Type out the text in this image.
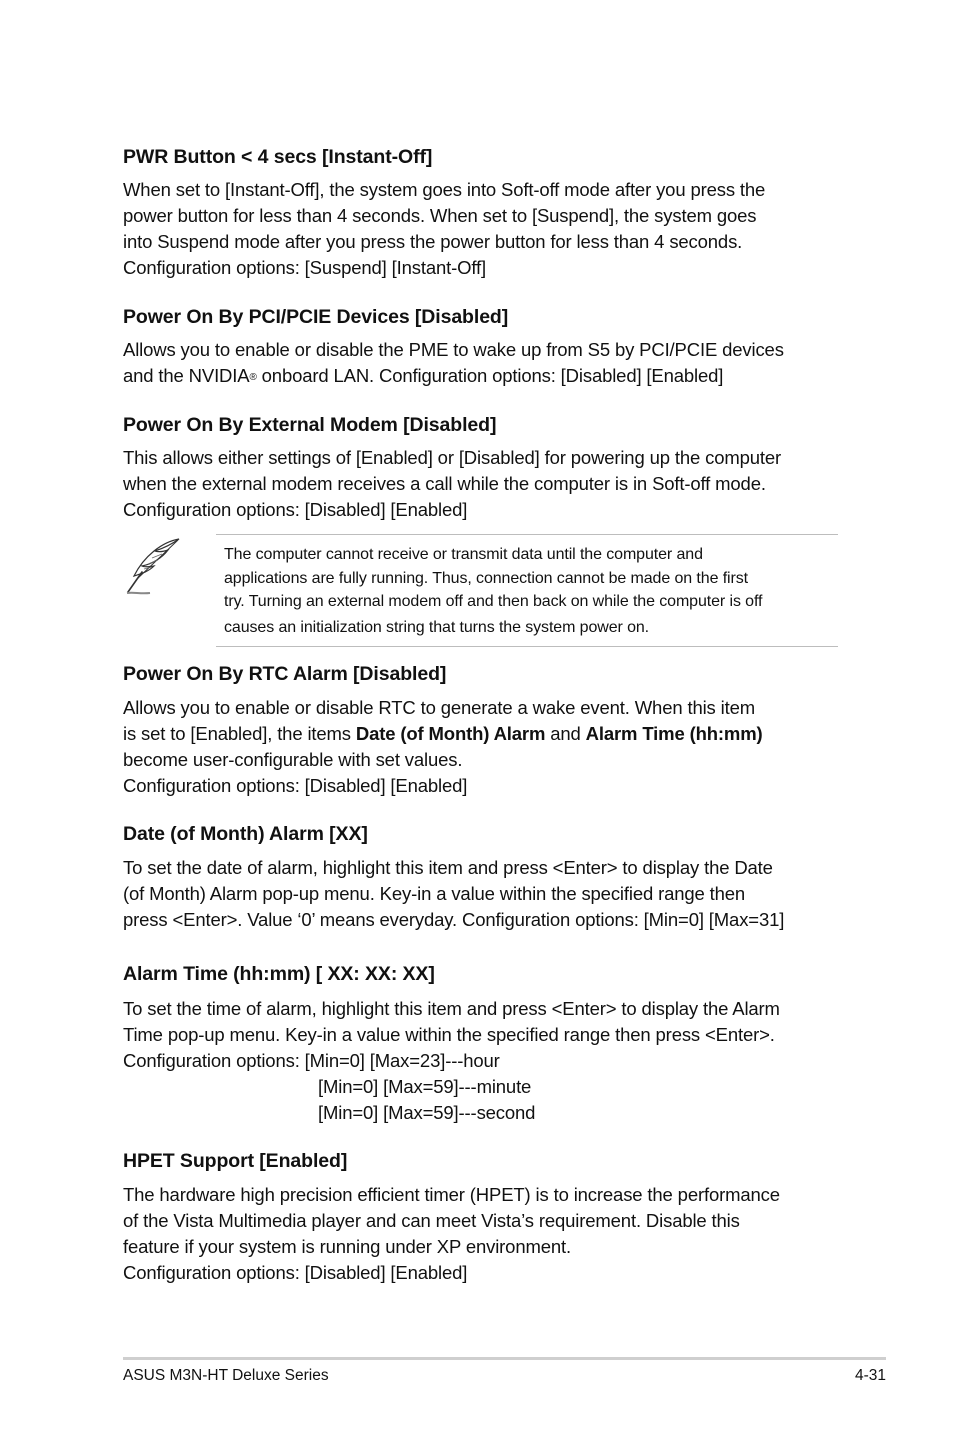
PWR Button < 4 secs [Instant-Off]
When set to [Instant-Off], the system goes into Soft-off mode after you press the
power button for less than 4 seconds. When set to [Suspend], the system goes
into Suspend mode after you press the power button for less than 4 seconds.
Configuration options: [Suspend] [Instant-Off]
Power On By PCI/PCIE Devices [Disabled]
Allows you to enable or disable the PME to wake up from S5 by PCI/PCIE devices
and the NVIDIA® onboard LAN. Configuration options: [Disabled] [Enabled]
Power On By External Modem [Disabled]
This allows either settings of [Enabled] or [Disabled] for powering up the computer
when the external modem receives a call while the computer is in Soft-off mode.
Configuration options: [Disabled] [Enabled]
The computer cannot receive or transmit data until the computer and
applications are fully running. Thus, connection cannot be made on the first
try. Turning an external modem off and then back on while the computer is off
causes an initialization string that turns the system power on.
Power On By RTC Alarm [Disabled]
Allows you to enable or disable RTC to generate a wake event. When this item
is set to [Enabled], the items Date (of Month) Alarm and Alarm Time (hh:mm)
become user-configurable with set values.
Configuration options: [Disabled] [Enabled]
Date (of Month) Alarm [XX]
To set the date of alarm, highlight this item and press <Enter> to display the Date
(of Month) Alarm pop-up menu. Key-in a value within the specified range then
press <Enter>. Value ‘0’ means everyday. Configuration options: [Min=0] [Max=31]
Alarm Time (hh:mm) [ XX: XX: XX]
To set the time of alarm, highlight this item and press <Enter> to display the Alarm
Time pop-up menu. Key-in a value within the specified range then press <Enter>.
Configuration options: [Min=0] [Max=23]---hour
[Min=0] [Max=59]---minute
[Min=0] [Max=59]---second
HPET Support [Enabled]
The hardware high precision efficient timer (HPET) is to increase the performance
of the Vista Multimedia player and can meet Vista’s requirement. Disable this
feature if your system is running under XP environment.
Configuration options: [Disabled] [Enabled]
ASUS M3N-HT Deluxe Series	4-31
